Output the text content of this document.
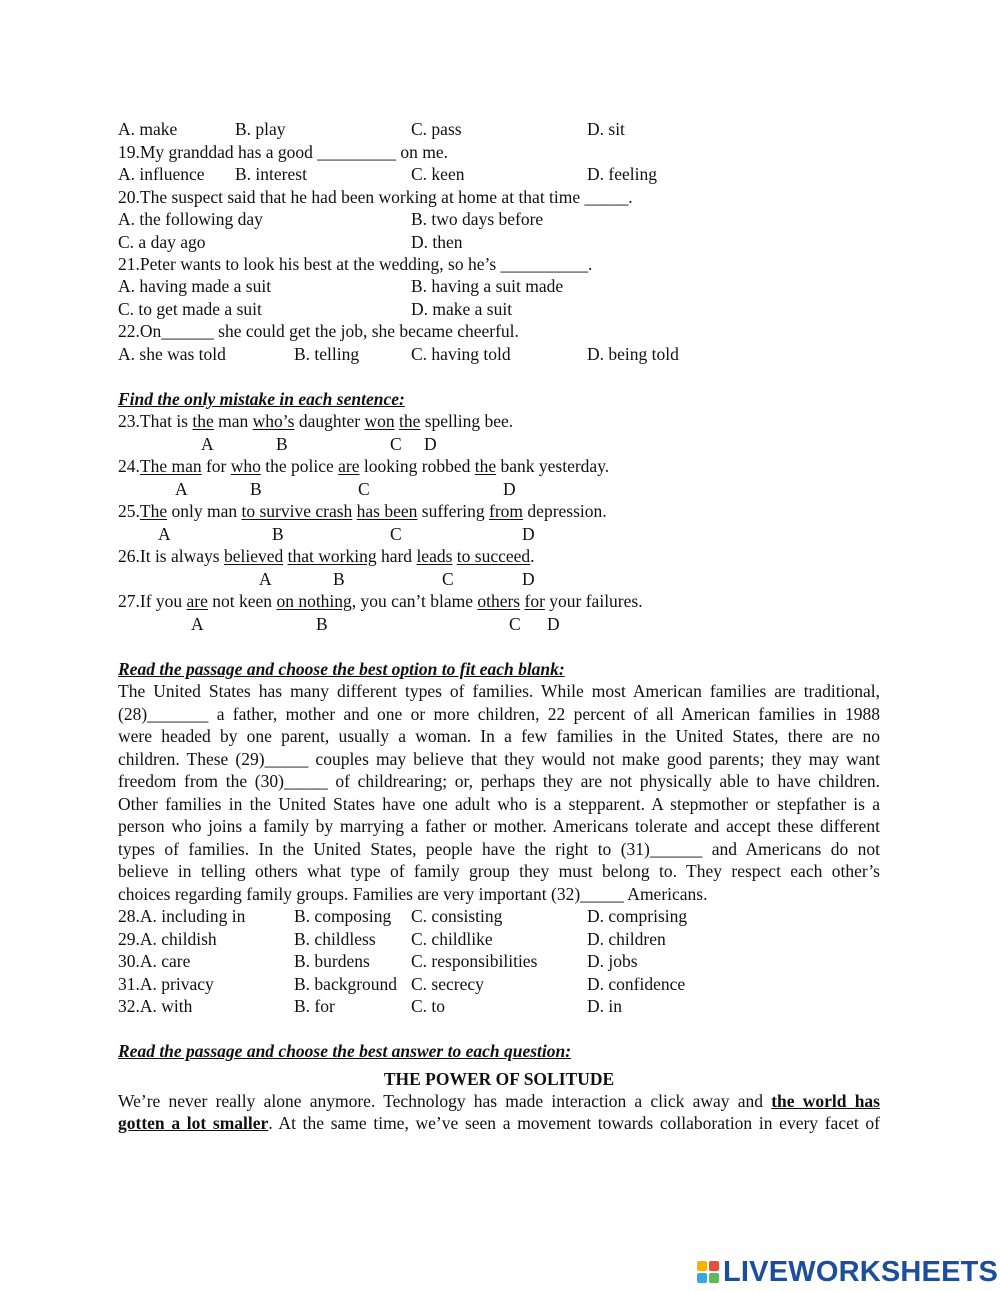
A. make	B. play	C. pass	D. sit
19.My granddad has a good _________ on me.
A. influence B. interest	C. keen	D. feeling
20.The suspect said that he had been working at home at that time _____.
A. the following day	B. two days before
C. a day ago	D. then
21.Peter wants to look his best at the wedding, so he’s __________.
A. having made a suit	B. having a suit made
C. to get made a suit	D. make a suit
22.On______ she could get the job, she became cheerful.
A. she was told	B. telling	C. having told	D. being told
Find the only mistake in each sentence:
23.That is the man who’s daughter won the spelling bee.
A	B	C D
24.The man for who the police are looking robbed the bank yesterday.
A	B	C	D
25.The only man to survive crash has been suffering from depression.
A	B	C	D
26.It is always believed that working hard leads to succeed.
A	B	C	D
27.If you are not keen on nothing, you can’t blame others for your failures.
A	B	C D
Read the passage and choose the best option to fit each blank:
The United States has many different types of families. While most American families are traditional,
(28)_______ a father, mother and one or more children, 22 percent of all American families in 1988
were headed by one parent, usually a woman. In a few families in the United States, there are no
children. These (29)_____ couples may believe that they would not make good parents; they may want
freedom from the (30)_____ of childrearing; or, perhaps they are not physically able to have children.
Other families in the United States have one adult who is a stepparent. A stepmother or stepfather is a
person who joins a family by marrying a father or mother. Americans tolerate and accept these different
types of families. In the United States, people have the right to (31)______ and Americans do not
believe in telling others what type of family group they must belong to. They respect each other’s
choices regarding family groups. Families are very important (32)_____ Americans.
28.A. including in	B. composing C. consisting	D. comprising
29.A. childish	B. childless C. childlike	D. children
30.A. care	B. burdens C. responsibilities	D. jobs
31.A. privacy	B. background C. secrecy	D. confidence
32.A. with	B. for	C. to	D. in
Read the passage and choose the best answer to each question:
THE POWER OF SOLITUDE
We’re never really alone anymore. Technology has made interaction a click away and the world has
gotten a lot smaller. At the same time, we’ve seen a movement towards collaboration in every facet of
LIVEWORKSHEETS
